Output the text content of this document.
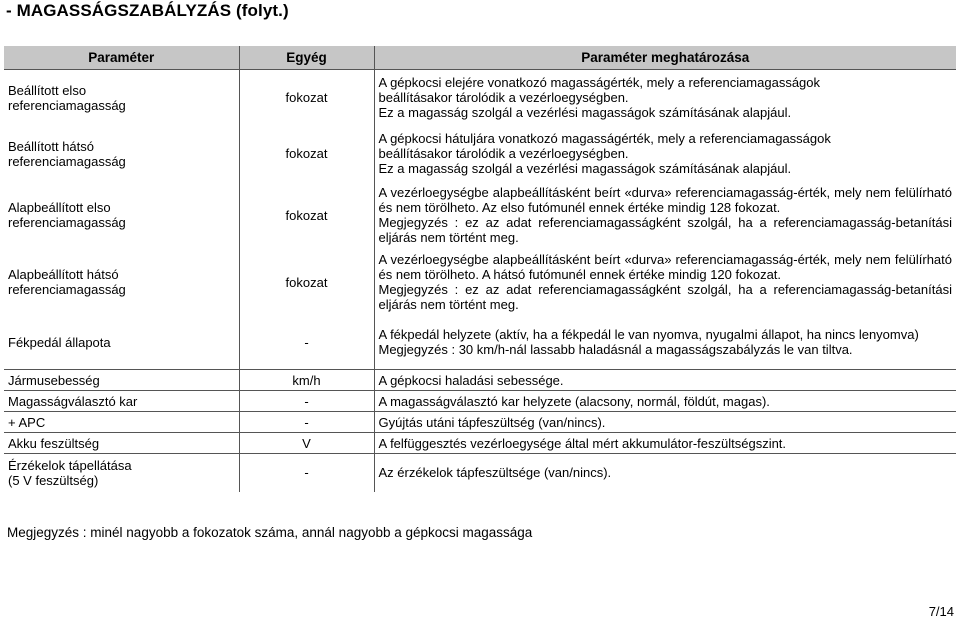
- MAGASSÁGSZABÁLYZÁS (folyt.)
Paraméter	Egyég	Paraméter meghatározása

Beállított elso
referenciamagasság	fokozat	A gépkocsi elejére vonatkozó magasságérték, mely a referenciamagasságok
beállításakor tárolódik a vezérloegységben.
Ez a magasság szolgál a vezérlési magasságok számításának alapjául.

Beállított hátsó
referenciamagasság	fokozat	A gépkocsi hátuljára vonatkozó magasságérték, mely a referenciamagasságok
beállításakor tárolódik a vezérloegységben.
Ez a magasság szolgál a vezérlési magasságok számításának alapjául.

Alapbeállított elso
referenciamagasság	fokozat	A vezérloegységbe alapbeállításként beírt «durva» referenciamagasság-érték, mely nem felülírható és nem törölheto. Az elso futómunél ennek értéke mindig 128 fokozat.
Megjegyzés : ez az adat referenciamagasságként szolgál, ha a referenciamagasság-betanítási eljárás nem történt meg.

Alapbeállított hátsó
referenciamagasság	fokozat	A vezérloegységbe alapbeállításként beírt «durva» referenciamagasság-érték, mely nem felülírható és nem törölheto. A hátsó futómunél ennek értéke mindig 120 fokozat.
Megjegyzés : ez az adat referenciamagasságként szolgál, ha a referenciamagasság-betanítási eljárás nem történt meg.

Fékpedál állapota	-	A fékpedál helyzete (aktív, ha a fékpedál le van nyomva, nyugalmi állapot, ha nincs lenyomva)
Megjegyzés : 30 km/h-nál lassabb haladásnál a magasságszabályzás le van tiltva.

Jármusebesség	km/h	A gépkocsi haladási sebessége.
Magasságválasztó kar	-	A magasságválasztó kar helyzete (alacsony, normál, földút, magas).
+ APC	-	Gyújtás utáni tápfeszültség (van/nincs).
Akku feszültség	V	A felfüggesztés vezérloegysége által mért akkumulátor-feszültségszint.

Érzékelok tápellátása
(5 V feszültség)	-	Az érzékelok tápfeszültsége (van/nincs).
Megjegyzés : minél nagyobb a fokozatok száma, annál nagyobb a gépkocsi magassága
7/14
